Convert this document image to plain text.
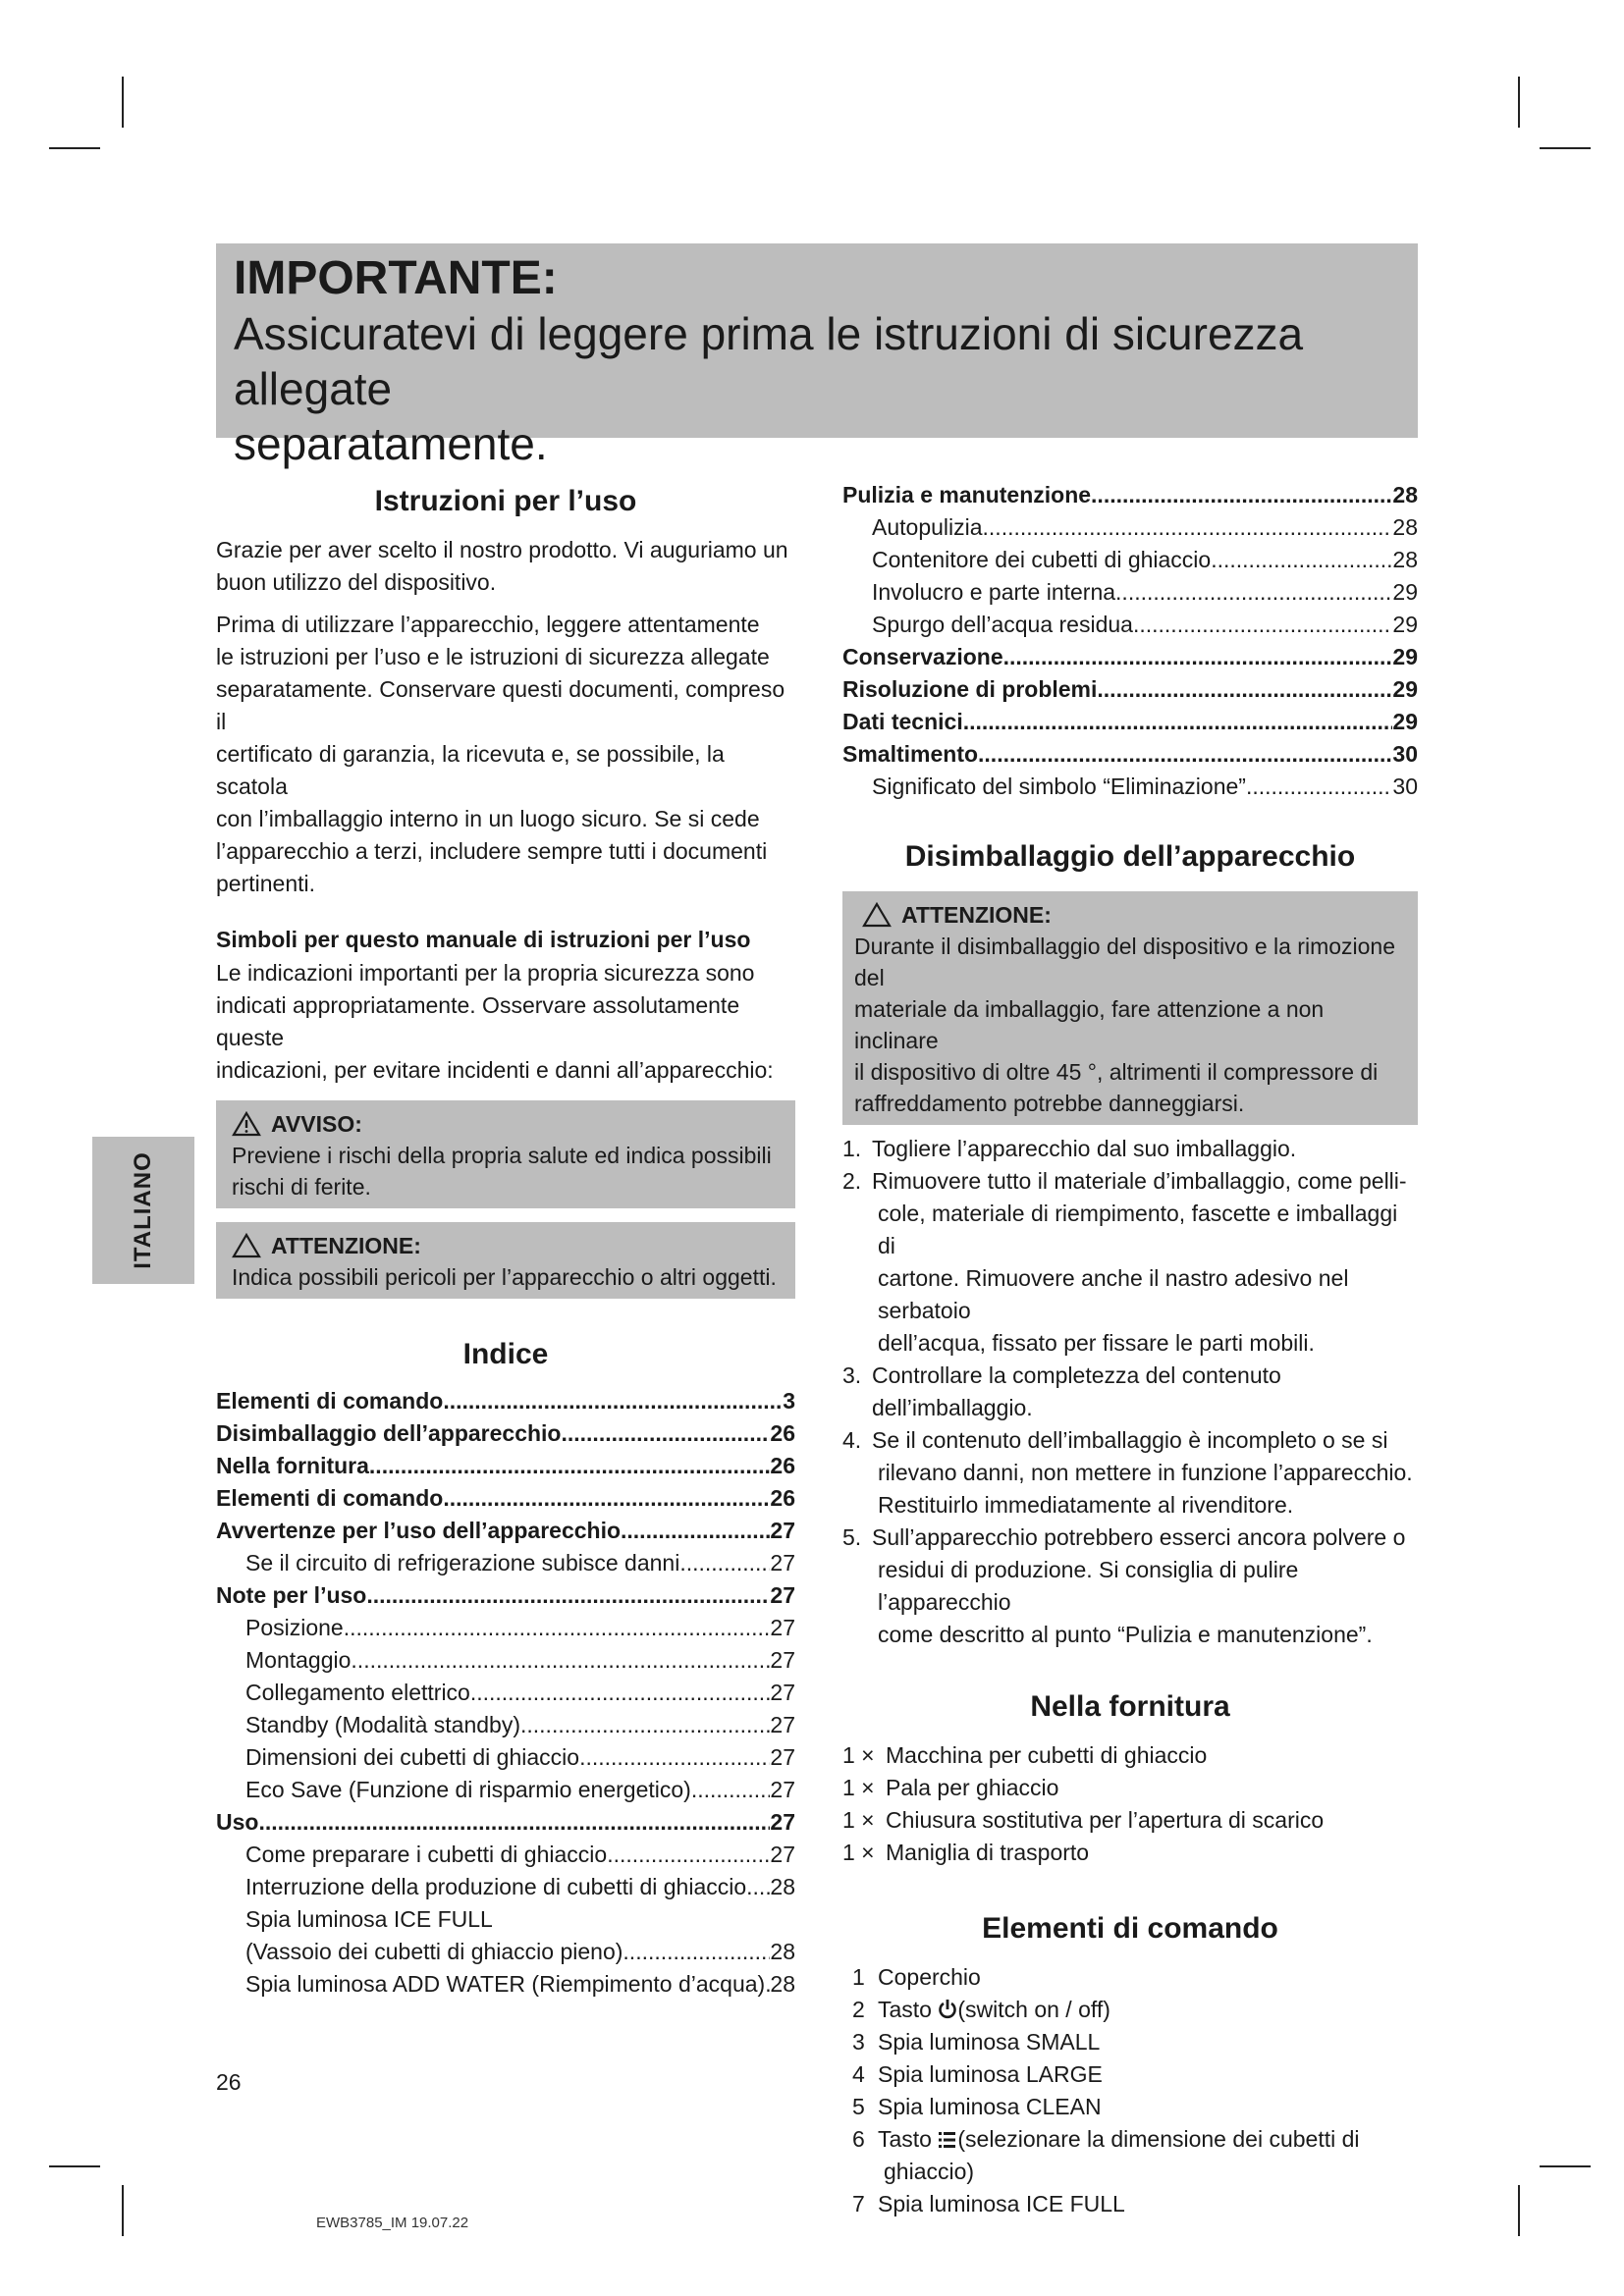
IMPORTANTE:
Assicuratevi di leggere prima le istruzioni di sicurezza allegate
separatamente.
ITALIANO
Istruzioni per l’uso

Grazie per aver scelto il nostro prodotto. Vi auguriamo un

buon utilizzo del dispositivo.

Prima di utilizzare l’apparecchio, leggere attentamente

le istruzioni per l’uso e le istruzioni di sicurezza allegate

separatamente. Conservare questi documenti, compreso il

certificato di garanzia, la ricevuta e, se possibile, la scatola

con l’imballaggio interno in un luogo sicuro. Se si cede

l’apparecchio a terzi, includere sempre tutti i documenti

pertinenti.

Simboli per questo manuale di istruzioni per l’uso

Le indicazioni importanti per la propria sicurezza sono

indicati appropriatamente. Osservare assolutamente queste

indicazioni, per evitare incidenti e danni all’apparecchio:

AVVISO:
Previene i rischi della propria salute ed indica possibili
rischi di ferite.
ATTENZIONE:
Indica possibili pericoli per l’apparecchio o altri oggetti.
Indice
Elementi di comando .....	3
Disimballaggio dell’apparecchio .....	26
Nella fornitura .....	26
Elementi di comando .....	26
Avvertenze per l’uso dell’apparecchio .....	27
Se il circuito di refrigerazione subisce danni .....	27
Note per l’uso .....	27
Posizione .....	27
Montaggio .....	27
Collegamento elettrico .....	27
Standby (Modalità standby) .....	27
Dimensioni dei cubetti di ghiaccio .....	27
Eco Save (Funzione di risparmio energetico) .....	27
Uso .....	27
Come preparare i cubetti di ghiaccio .....	27
Interruzione della produzione di cubetti di ghiaccio ..... 28
Spia luminosa ICE FULL
(Vassoio dei cubetti di ghiaccio pieno) .....	28
Spia luminosa ADD WATER (Riempimento d’acqua) ..... 28
Pulizia e manutenzione .....	28
Autopulizia .....	28
Contenitore dei cubetti di ghiaccio .....	28
Involucro e parte interna .....	29
Spurgo dell’acqua residua .....	29
Conservazione .....	29
Risoluzione di problemi .....	29
Dati tecnici .....	29
Smaltimento .....	30
Significato del simbolo “Eliminazione” .....	30
Disimballaggio dell’apparecchio
ATTENZIONE:
Durante il disimballaggio del dispositivo e la rimozione del
materiale da imballaggio, fare attenzione a non inclinare
il dispositivo di oltre 45 °, altrimenti il compressore di
raffreddamento potrebbe danneggiarsi.
1. Togliere l’apparecchio dal suo imballaggio.
2. Rimuovere tutto il materiale d’imballaggio, come pelli-
cole, materiale di riempimento, fascette e imballaggi di
cartone. Rimuovere anche il nastro adesivo nel serbatoio
dell’acqua, fissato per fissare le parti mobili.
3. Controllare la completezza del contenuto dell’imballaggio.
4. Se il contenuto dell’imballaggio è incompleto o se si
rilevano danni, non mettere in funzione l’apparecchio.
Restituirlo immediatamente al rivenditore.
5. Sull’apparecchio potrebbero esserci ancora polvere o
residui di produzione. Si consiglia di pulire l’apparecchio
come descritto al punto “Pulizia e manutenzione”.
Nella fornitura
1 × Macchina per cubetti di ghiaccio
1 × Pala per ghiaccio
1 × Chiusura sostitutiva per l’apertura di scarico
1 × Maniglia di trasporto
Elementi di comando
1 Coperchio
2 Tasto (switch on / off)
3 Spia luminosa SMALL
4 Spia luminosa LARGE
5 Spia luminosa CLEAN
6 Tasto (selezionare la dimensione dei cubetti di
ghiaccio)
7 Spia luminosa ICE FULL
26
EWB3785_IM 19.07.22
